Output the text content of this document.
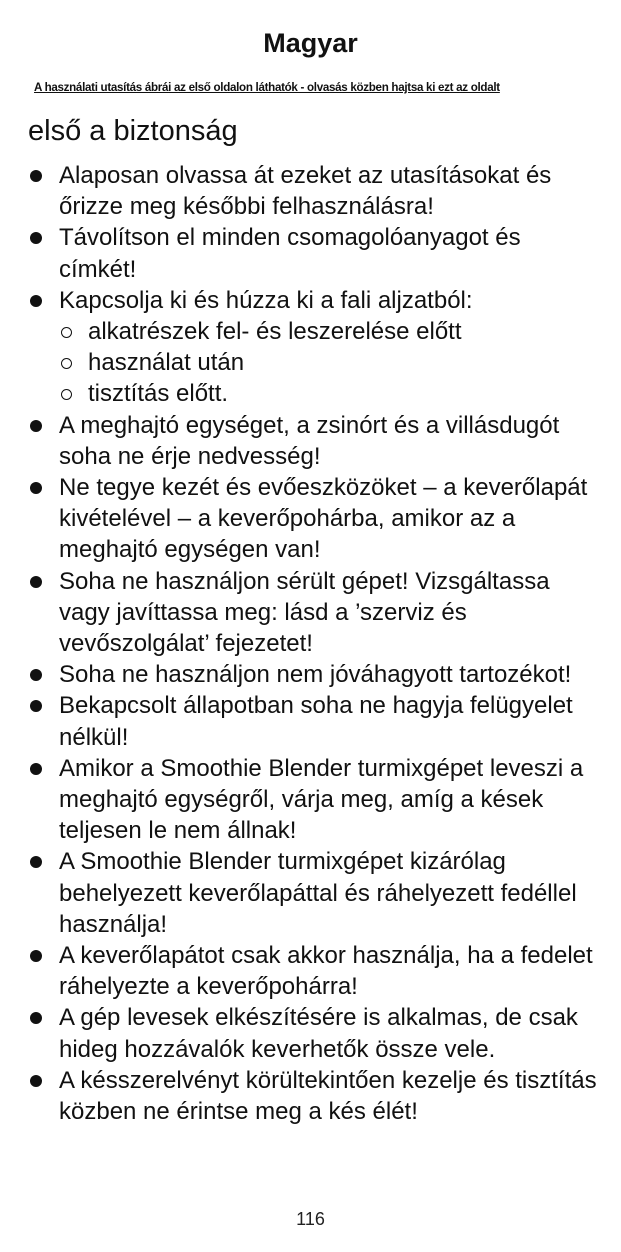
Magyar
A használati utasítás ábrái az első oldalon láthatók - olvasás közben hajtsa ki ezt az oldalt
első a biztonság
Alaposan olvassa át ezeket az utasításokat és őrizze meg későbbi felhasználásra!
Távolítson el minden csomagolóanyagot és címkét!
Kapcsolja ki és húzza ki a fali aljzatból:
alkatrészek fel- és leszerelése előtt
használat után
tisztítás előtt.
A meghajtó egységet, a zsinórt és a villásdugót soha ne érje nedvesség!
Ne tegye kezét és evőeszközöket – a keverőlapát kivételével – a keverőpohárba, amikor az a meghajtó egységen van!
Soha ne használjon sérült gépet! Vizsgáltassa vagy javíttassa meg: lásd a ’szerviz és vevőszolgálat’ fejezetet!
Soha ne használjon nem jóváhagyott tartozékot!
Bekapcsolt állapotban soha ne hagyja felügyelet nélkül!
Amikor a Smoothie Blender turmixgépet leveszi a meghajtó egységről, várja meg, amíg a kések teljesen le nem állnak!
A Smoothie Blender turmixgépet kizárólag behelyezett keverőlapáttal és ráhelyezett fedéllel használja!
A keverőlapátot csak akkor használja, ha a fedelet ráhelyezte a keverőpohárra!
A gép levesek elkészítésére is alkalmas, de csak hideg hozzávalók keverhetők össze vele.
A késszerelvényt körültekintően kezelje és tisztítás közben ne érintse meg a kés élét!
116
